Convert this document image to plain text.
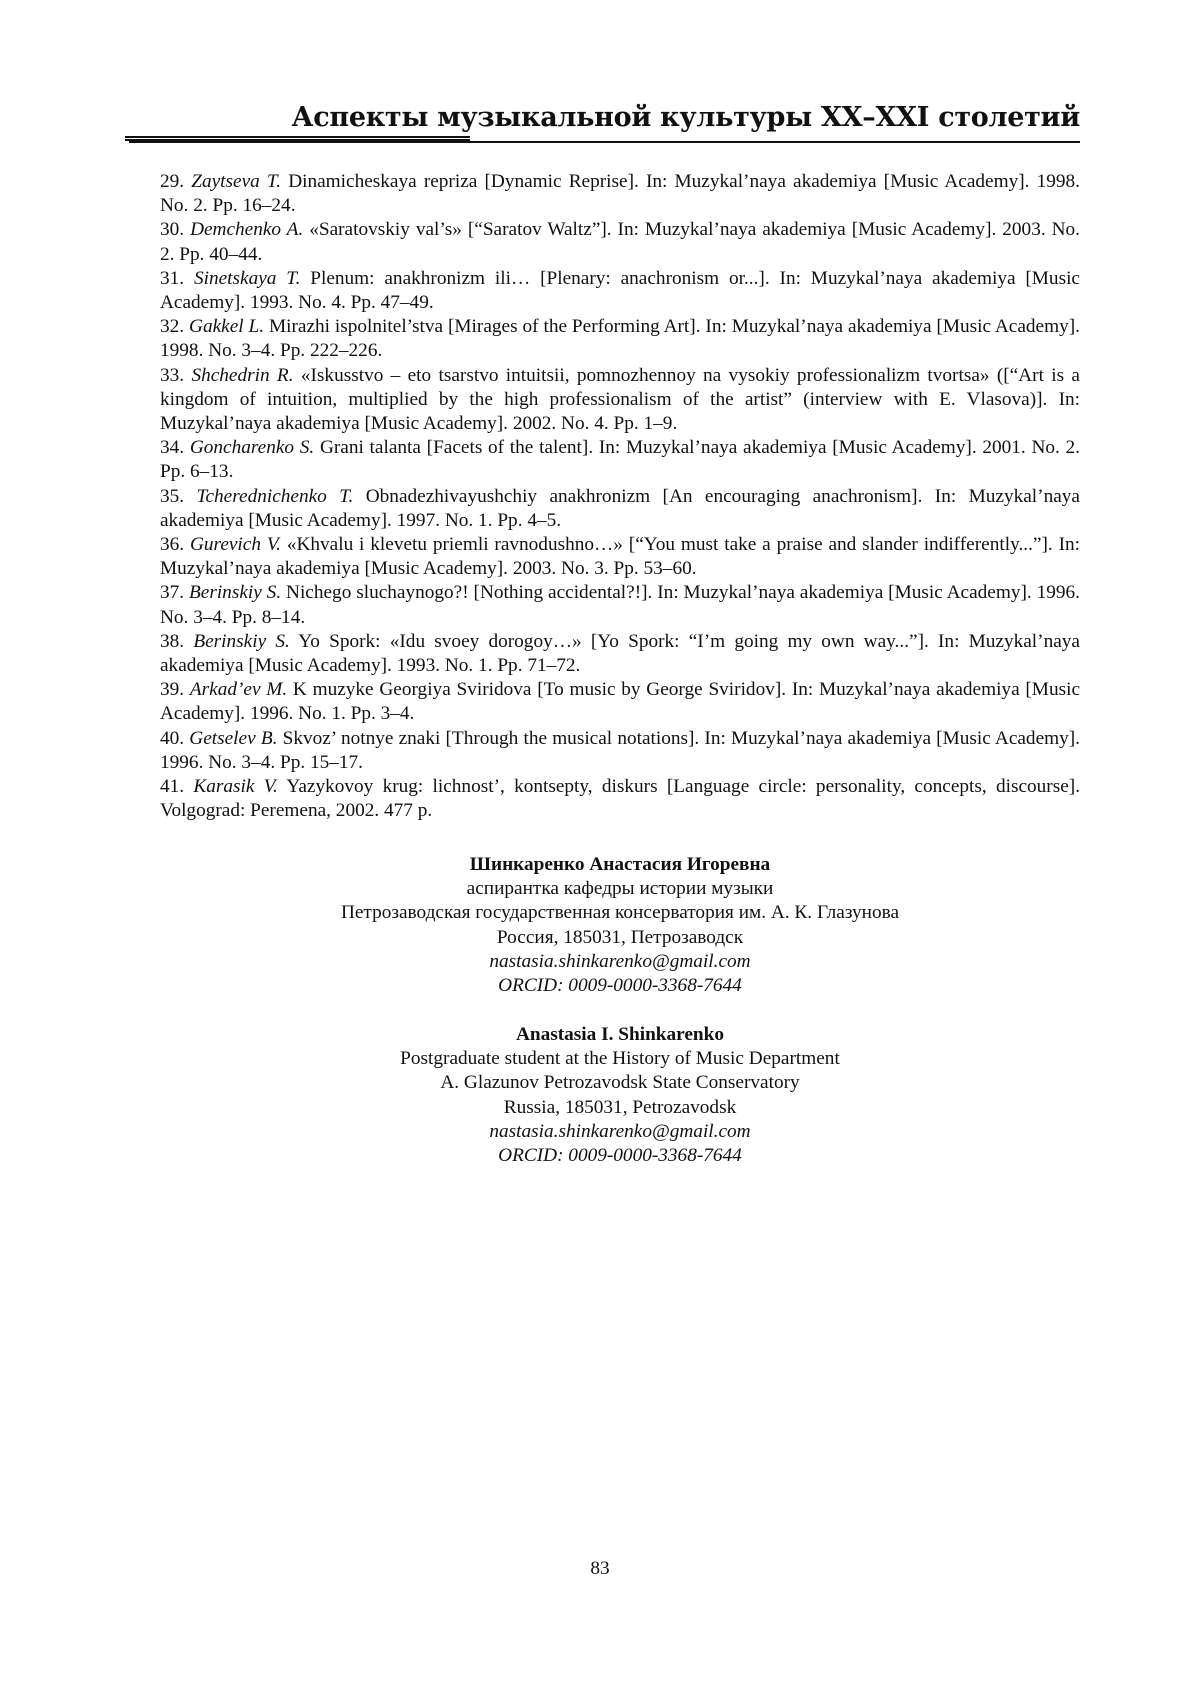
Аспекты музыкальной культуры XX–XXI столетий
29. Zaytseva T. Dinamicheskaya repriza [Dynamic Reprise]. In: Muzykal’naya akademiya [Music Academy]. 1998. No. 2. Pp. 16–24.
30. Demchenko A. «Saratovskiy val’s» [“Saratov Waltz”]. In: Muzykal’naya akademiya [Music Academy]. 2003. No. 2. Pp. 40–44.
31. Sinetskaya T. Plenum: anakhronizm ili… [Plenary: anachronism or...]. In: Muzykal’naya akademiya [Music Academy]. 1993. No. 4. Pp. 47–49.
32. Gakkel L. Mirazhi ispolnitel’stva [Mirages of the Performing Art]. In: Muzykal’naya akademiya [Music Academy]. 1998. No. 3–4. Pp. 222–226.
33. Shchedrin R. «Iskusstvo – eto tsarstvo intuitsii, pomnozhennoy na vysokiy professionalizm tvortsa» ([“Art is a kingdom of intuition, multiplied by the high professionalism of the artist” (interview with E. Vlasova)]. In: Muzykal’naya akademiya [Music Academy]. 2002. No. 4. Pp. 1–9.
34. Goncharenko S. Grani talanta [Facets of the talent]. In: Muzykal’naya akademiya [Music Academy]. 2001. No. 2. Pp. 6–13.
35. Tcherednichenko T. Obnadezhivayushchiy anakhronizm [An encouraging anachronism]. In: Muzykal’naya akademiya [Music Academy]. 1997. No. 1. Pp. 4–5.
36. Gurevich V. «Khvalu i klevetu priemli ravnodushno…» [“You must take a praise and slander indifferently...”]. In: Muzykal’naya akademiya [Music Academy]. 2003. No. 3. Pp. 53–60.
37. Berinskiy S. Nichego sluchaynogo?! [Nothing accidental?!]. In: Muzykal’naya akademiya [Music Academy]. 1996. No. 3–4. Pp. 8–14.
38. Berinskiy S. Yo Spork: «Idu svoey dorogoy…» [Yo Spork: “I’m going my own way...”]. In: Muzykal’naya akademiya [Music Academy]. 1993. No. 1. Pp. 71–72.
39. Arkad’ev M. K muzyke Georgiya Sviridova [To music by George Sviridov]. In: Muzykal’naya akademiya [Music Academy]. 1996. No. 1. Pp. 3–4.
40. Getselev B. Skvoz’ notnye znaki [Through the musical notations]. In: Muzykal’naya akademiya [Music Academy]. 1996. No. 3–4. Pp. 15–17.
41. Karasik V. Yazykovoy krug: lichnost’, kontsepty, diskurs [Language circle: personality, concepts, discourse]. Volgograd: Peremena, 2002. 477 p.
Шинкаренко Анастасия Игоревна
аспирантка кафедры истории музыки
Петрозаводская государственная консерватория им. А. К. Глазунова
Россия, 185031, Петрозаводск
nastasia.shinkarenko@gmail.com
ORCID: 0009-0000-3368-7644
Anastasia I. Shinkarenko
Postgraduate student at the History of Music Department
A. Glazunov Petrozavodsk State Conservatory
Russia, 185031, Petrozavodsk
nastasia.shinkarenko@gmail.com
ORCID: 0009-0000-3368-7644
83
